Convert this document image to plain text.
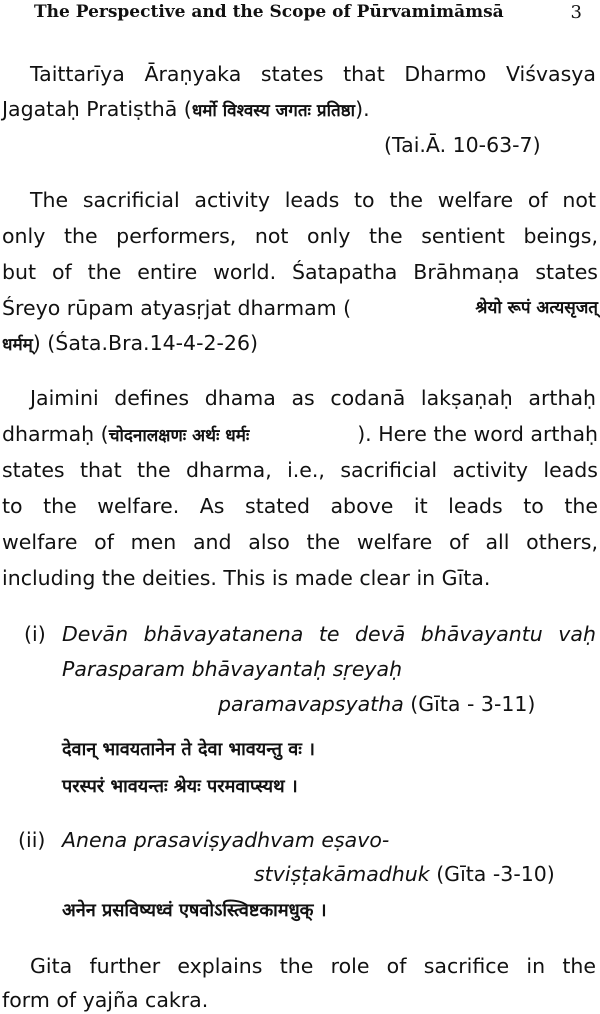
The Perspective and the Scope of Pūrvamimāmsā	3
Taittarīya Āraṇyaka states that Dharmo Viśvasya
Jagataḥ Pratiṣthā (धर्मो विश्वस्य जगतः प्रतिष्ठा).
(Tai.Ā. 10-63-7)
The sacrificial activity leads to the welfare of not
only the performers, not only the sentient beings,
but of the entire world. Śatapatha Brāhmaṇa states
Śreyo rūpam atyasṛjat dharmam (	श्रेयो रूपं अत्यसृजत्
धर्मम्) (Śata.Bra.14-4-2-26)
Jaimini defines dhama as codanā lakṣaṇaḥ arthaḥ
dharmaḥ (चोदनालक्षणः अर्थः धर्मः	). Here the word arthaḥ
states that the dharma, i.e., sacrificial activity leads
to the welfare. As stated above it leads to the
welfare of men and also the welfare of all others,
including the deities. This is made clear in Gīta.
(i) Devān bhāvayatanena te devā bhāvayantu vaḥ
Parasparam bhāvayantaḥ sṛeyaḥ
paramavapsyatha (Gīta - 3-11)
देवान् भावयतानेन ते देवा भावयन्तु वः ।
परस्परं भावयन्तः श्रेयः परमवाप्स्यथ ।
(ii) Anena prasaviṣyadhvam eṣavo-
stviṣṭakāmadhuk (Gīta -3-10)
अनेन प्रसविष्यध्वं एषवोऽस्त्विष्टकामधुक् ।
Gita further explains the role of sacrifice in the
form of yajña cakra.
